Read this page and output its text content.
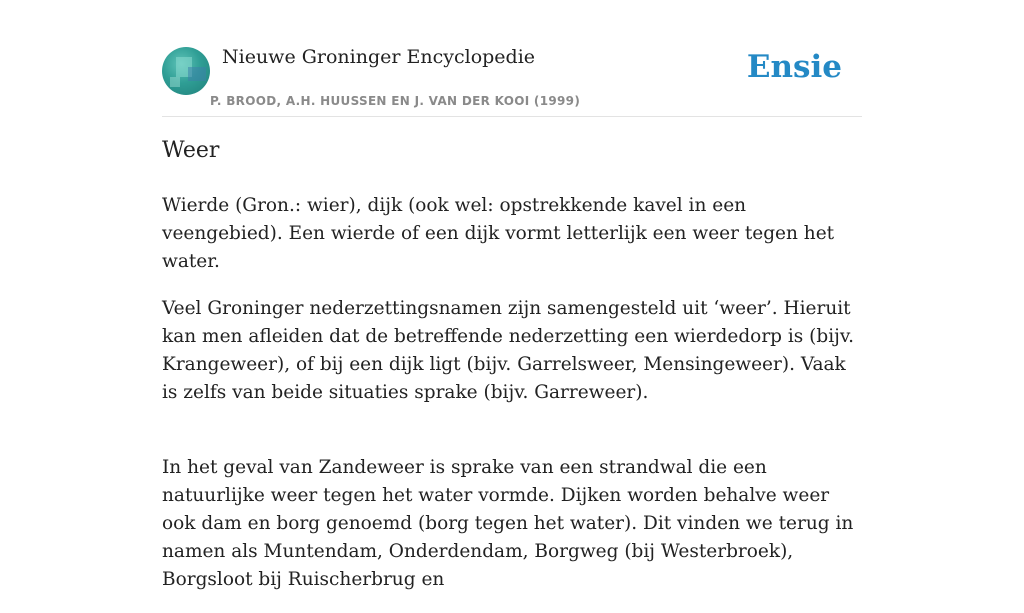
Nieuwe Groninger Encyclopedie
P. BROOD, A.H. HUUSSEN EN J. VAN DER KOOI (1999)
Ensie
Weer

Wierde (Gron.: wier), dijk (ook wel: opstrekkende kavel in een veengebied). Een wierde of een dijk vormt letterlijk een weer tegen het water.

Veel Groninger nederzettingsnamen zijn samengesteld uit ‘weer’. Hieruit kan men afleiden dat de betreffende nederzetting een wierdedorp is (bijv. Krangeweer), of bij een dijk ligt (bijv. Garrelsweer, Mensingeweer). Vaak is zelfs van beide situaties sprake (bijv. Garreweer).

In het geval van Zandeweer is sprake van een strandwal die een natuurlijke weer tegen het water vormde. Dijken worden behalve weer ook dam en borg genoemd (borg tegen het water). Dit vinden we terug in namen als Muntendam, Onderdendam, Borgweg (bij Westerbroek), Borgsloot bij Ruischerbrug en
